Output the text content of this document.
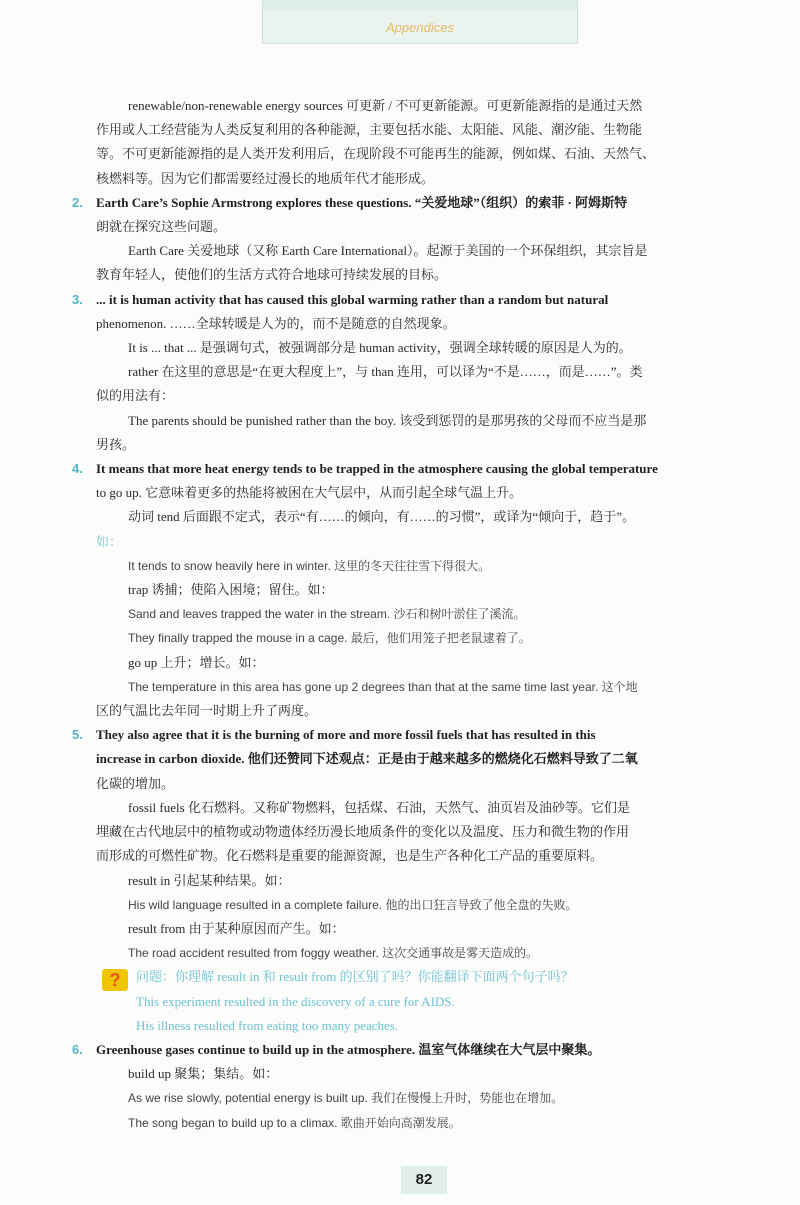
Appendices

renewable/non-renewable energy sources 可更新 / 不可更新能源。可更新能源指的是通过天然

作用或人工经营能为人类反复利用的各种能源，主要包括水能、太阳能、风能、潮汐能、生物能

等。不可更新能源指的是人类开发利用后，在现阶段不可能再生的能源，例如煤、石油、天然气、

核燃料等。因为它们都需要经过漫长的地质年代才能形成。

2. Earth Care’s Sophie Armstrong explores these questions. “关爱地球”（组织）的索菲 · 阿姆斯特

朗就在探究这些问题。

Earth Care 关爱地球（又称 Earth Care International）。起源于美国的一个环保组织，其宗旨是

教育年轻人，使他们的生活方式符合地球可持续发展的目标。

3. ... it is human activity that has caused this global warming rather than a random but natural

phenomenon. ……全球转暖是人为的，而不是随意的自然现象。

It is ... that ... 是强调句式，被强调部分是 human activity，强调全球转暖的原因是人为的。

rather 在这里的意思是“在更大程度上”，与 than 连用，可以译为“不是……，而是……”。类

似的用法有：

The parents should be punished rather than the boy. 该受到惩罚的是那男孩的父母而不应当是那

男孩。

4. It means that more heat energy tends to be trapped in the atmosphere causing the global temperature

to go up. 它意味着更多的热能将被困在大气层中，从而引起全球气温上升。

动词 tend 后面跟不定式，表示“有……的倾向，有……的习惯”，或译为“倾向于，趋于”。

如：

It tends to snow heavily here in winter. 这里的冬天往往雪下得很大。

trap 诱捕；使陷入困境；留住。如：

Sand and leaves trapped the water in the stream. 沙石和树叶淤住了溪流。

They finally trapped the mouse in a cage. 最后，他们用笼子把老鼠逮着了。

go up 上升；增长。如：

The temperature in this area has gone up 2 degrees than that at the same time last year. 这个地

区的气温比去年同一时期上升了两度。

5. They also agree that it is the burning of more and more fossil fuels that has resulted in this

increase in carbon dioxide. 他们还赞同下述观点：正是由于越来越多的燃烧化石燃料导致了二氧

化碳的增加。

fossil fuels 化石燃料。又称矿物燃料，包括煤、石油，天然气、油页岩及油砂等。它们是

埋藏在古代地层中的植物或动物遗体经历漫长地质条件的变化以及温度、压力和微生物的作用

而形成的可燃性矿物。化石燃料是重要的能源资源，也是生产各种化工产品的重要原料。

result in 引起某种结果。如：

His wild language resulted in a complete failure. 他的出口狂言导致了他全盘的失败。

result from 由于某种原因而产生。如：

The road accident resulted from foggy weather. 这次交通事故是雾天造成的。

?	问题：你理解 result in 和 result from 的区别了吗？你能翻译下面两个句子吗？

This experiment resulted in the discovery of a cure for AIDS.

His illness resulted from eating too many peaches.

6. Greenhouse gases continue to build up in the atmosphere. 温室气体继续在大气层中聚集。

build up 聚集；集结。如：

As we rise slowly, potential energy is built up. 我们在慢慢上升时，势能也在增加。

The song began to build up to a climax. 歌曲开始向高潮发展。

82
